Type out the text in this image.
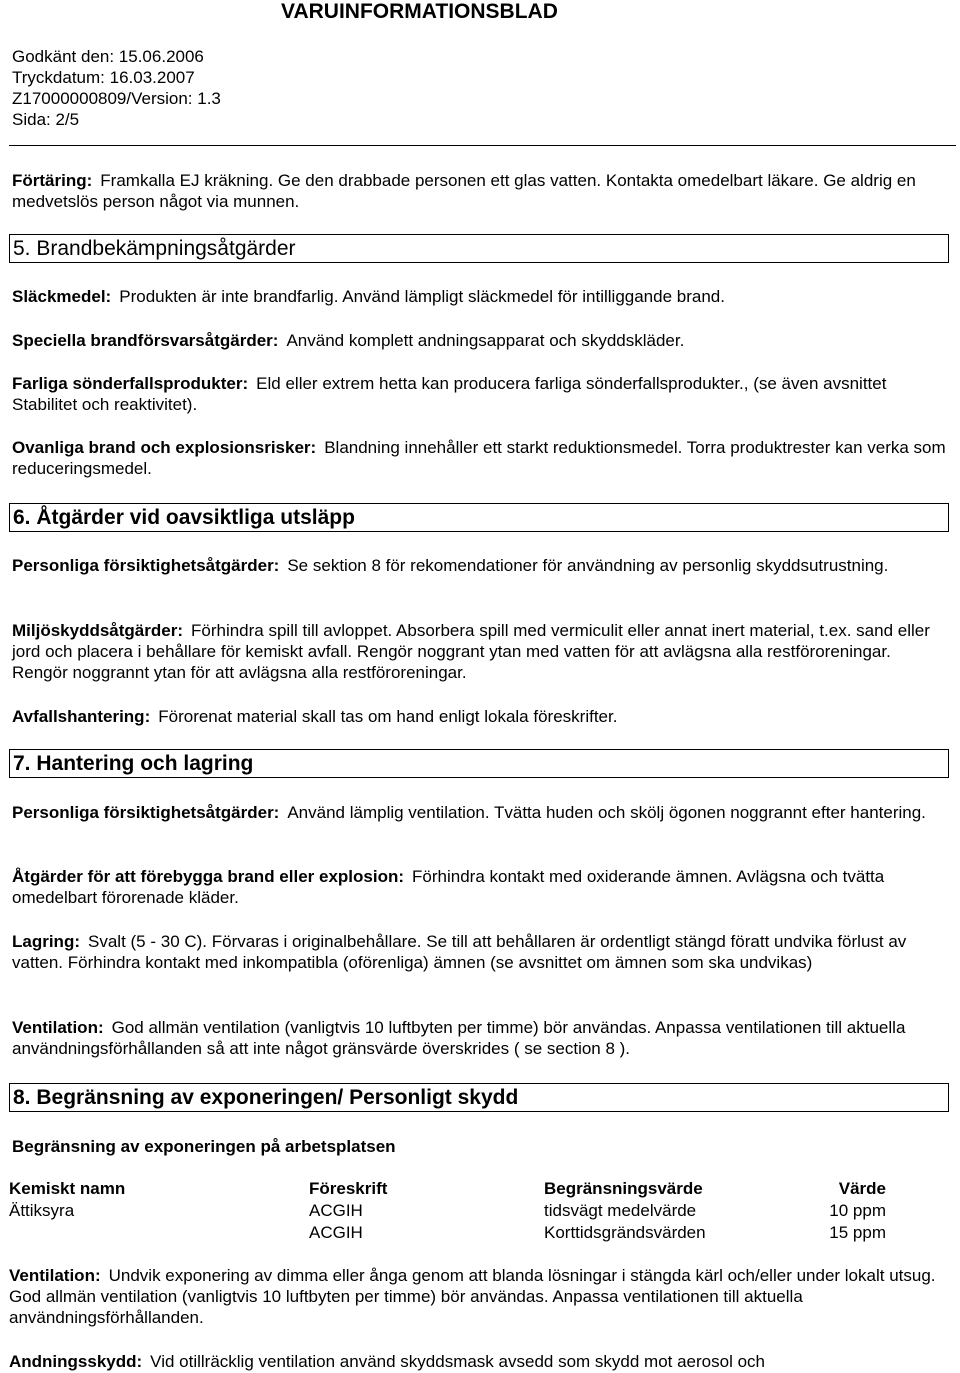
VARUINFORMATIONSBLAD
Godkänt den: 15.06.2006
Tryckdatum: 16.03.2007
Z17000000809/Version: 1.3
Sida: 2/5

Förtäring: Framkalla EJ kräkning. Ge den drabbade personen ett glas vatten. Kontakta omedelbart läkare. Ge aldrig en medvetslös person något via munnen.

5. Brandbekämpningsåtgärder

Släckmedel: Produkten är inte brandfarlig. Använd lämpligt släckmedel för intilliggande brand.

Speciella brandförsvarsåtgärder: Använd komplett andningsapparat och skyddskläder.

Farliga sönderfallsprodukter: Eld eller extrem hetta kan producera farliga sönderfallsprodukter., (se även avsnittet Stabilitet och reaktivitet).

Ovanliga brand och explosionsrisker: Blandning innehåller ett starkt reduktionsmedel. Torra produktrester kan verka som reduceringsmedel.

6. Åtgärder vid oavsiktliga utsläpp

Personliga försiktighetsåtgärder: Se sektion 8 för rekomendationer för användning av personlig skyddsutrustning.

Miljöskyddsåtgärder: Förhindra spill till avloppet. Absorbera spill med vermiculit eller annat inert material, t.ex. sand eller jord och placera i behållare för kemiskt avfall. Rengör noggrant ytan med vatten för att avlägsna alla restföroreningar. Rengör noggrannt ytan för att avlägsna alla restföroreningar.

Avfallshantering: Förorenat material skall tas om hand enligt lokala föreskrifter.

7. Hantering och lagring

Personliga försiktighetsåtgärder: Använd lämplig ventilation. Tvätta huden och skölj ögonen noggrannt efter hantering.

Åtgärder för att förebygga brand eller explosion: Förhindra kontakt med oxiderande ämnen. Avlägsna och tvätta omedelbart förorenade kläder.

Lagring: Svalt (5 - 30 C). Förvaras i originalbehållare. Se till att behållaren är ordentligt stängd föratt undvika förlust av vatten. Förhindra kontakt med inkompatibla (oförenliga) ämnen (se avsnittet om ämnen som ska undvikas)

Ventilation: God allmän ventilation (vanligtvis 10 luftbyten per timme) bör användas. Anpassa ventilationen till aktuella användningsförhållanden så att inte något gränsvärde överskrides ( se section 8 ).

8. Begränsning av exponeringen/ Personligt skydd
Begränsning av exponeringen på arbetsplatsen
Kemiskt namn	Föreskrift	Begränsningsvärde	Värde
Ättiksyra	ACGIH	tidsvägt medelvärde	10 ppm
	ACGIH	Korttidsgrändsvärden	15 ppm

Ventilation: Undvik exponering av dimma eller ånga genom att blanda lösningar i stängda kärl och/eller under lokalt utsug. God allmän ventilation (vanligtvis 10 luftbyten per timme) bör användas. Anpassa ventilationen till aktuella användningsförhållanden.

Andningsskydd: Vid otillräcklig ventilation använd skyddsmask avsedd som skydd mot aerosol och
